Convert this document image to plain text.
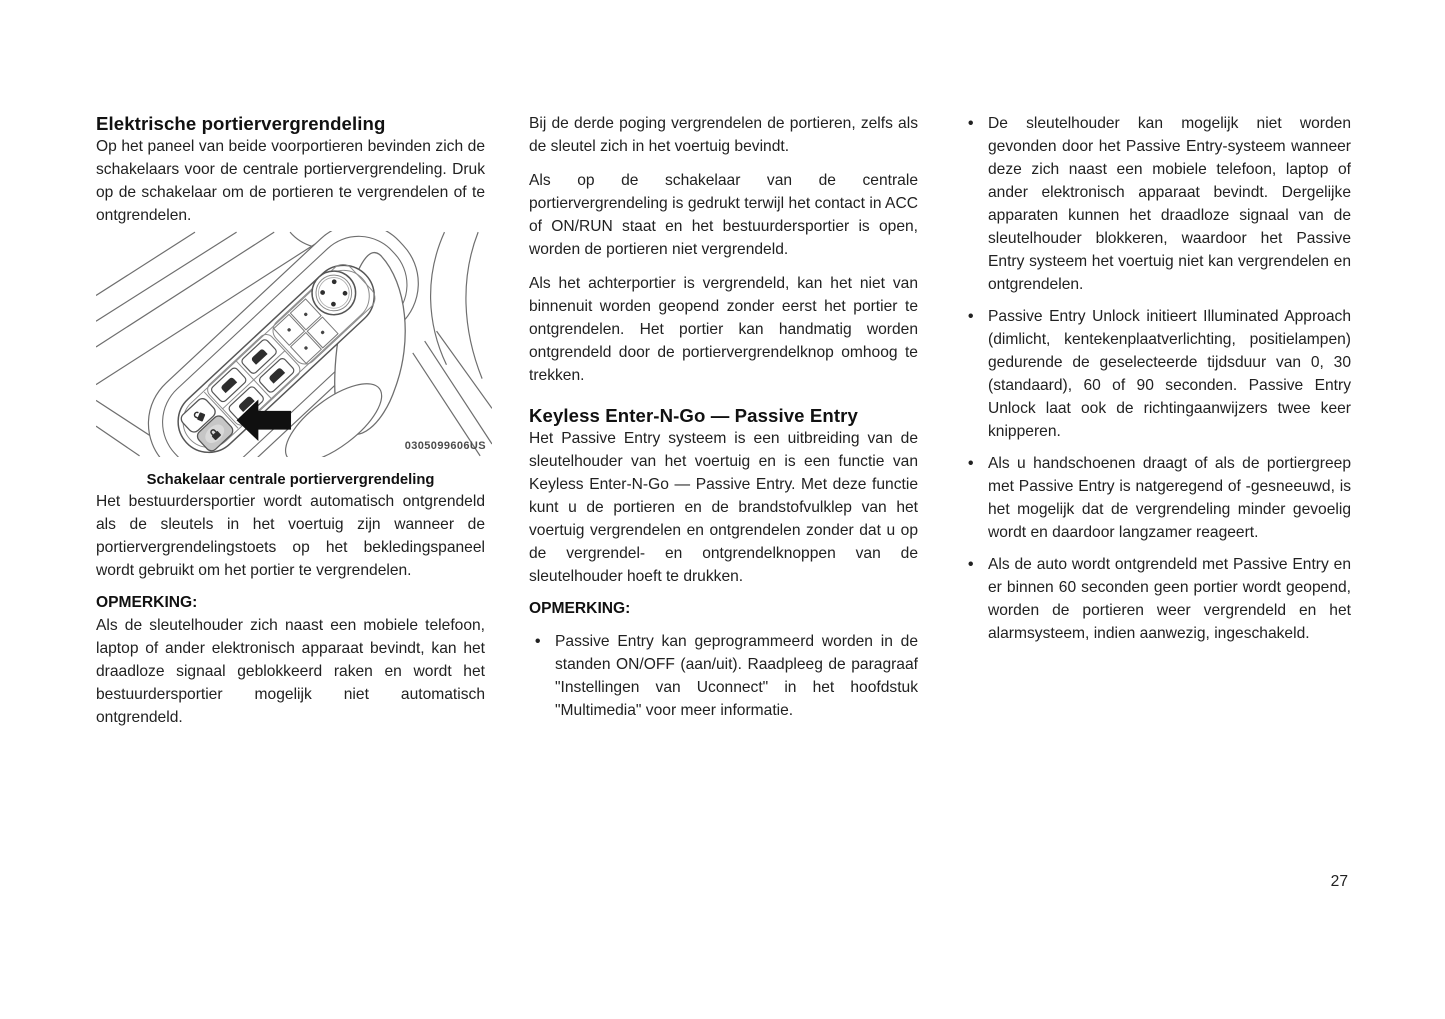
Elektrische portiervergrendeling

Op het paneel van beide voorportieren bevinden zich de schakelaars voor de centrale portiervergrendeling. Druk op de schakelaar om de portieren te vergrendelen of te ontgrendelen.

0305099606US

Schakelaar centrale portiervergrendeling

Het bestuurdersportier wordt automatisch ontgrendeld als de sleutels in het voertuig zijn wanneer de portiervergrendelingstoets op het bekledingspaneel wordt gebruikt om het portier te vergrendelen.

OPMERKING:

Als de sleutelhouder zich naast een mobiele telefoon, laptop of ander elektronisch apparaat bevindt, kan het draadloze signaal geblokkeerd raken en wordt het bestuurdersportier mogelijk niet automatisch ontgrendeld.

Bij de derde poging vergrendelen de portieren, zelfs als de sleutel zich in het voertuig bevindt.

Als op de schakelaar van de centrale portiervergrendeling is gedrukt terwijl het contact in ACC of ON/RUN staat en het bestuurdersportier is open, worden de portieren niet vergrendeld.

Als het achterportier is vergrendeld, kan het niet van binnenuit worden geopend zonder eerst het portier te ontgrendelen. Het portier kan handmatig worden ontgrendeld door de portiervergrendelknop omhoog te trekken.

Keyless Enter-N-Go — Passive Entry

Het Passive Entry systeem is een uitbreiding van de sleutelhouder van het voertuig en is een functie van Keyless Enter-N-Go — Passive Entry. Met deze functie kunt u de portieren en de brandstofvulklep van het voertuig vergrendelen en ontgrendelen zonder dat u op de vergrendel- en ontgrendelknoppen van de sleutelhouder hoeft te drukken.

OPMERKING:

• Passive Entry kan geprogrammeerd worden in de standen ON/OFF (aan/uit). Raadpleeg de paragraaf "Instellingen van Uconnect" in het hoofdstuk "Multimedia" voor meer informatie.
• De sleutelhouder kan mogelijk niet worden gevonden door het Passive Entry-systeem wanneer deze zich naast een mobiele telefoon, laptop of ander elektronisch apparaat bevindt. Dergelijke apparaten kunnen het draadloze signaal van de sleutelhouder blokkeren, waardoor het Passive Entry systeem het voertuig niet kan vergrendelen en ontgrendelen.
• Passive Entry Unlock initieert Illuminated Approach (dimlicht, kentekenplaatverlichting, positielampen) gedurende de geselecteerde tijdsduur van 0, 30 (standaard), 60 of 90 seconden. Passive Entry Unlock laat ook de richtingaanwijzers twee keer knipperen.
• Als u handschoenen draagt of als de portiergreep met Passive Entry is natgeregend of -gesneeuwd, is het mogelijk dat de vergrendeling minder gevoelig wordt en daardoor langzamer reageert.
• Als de auto wordt ontgrendeld met Passive Entry en er binnen 60 seconden geen portier wordt geopend, worden de portieren weer vergrendeld en het alarmsysteem, indien aanwezig, ingeschakeld.
27
